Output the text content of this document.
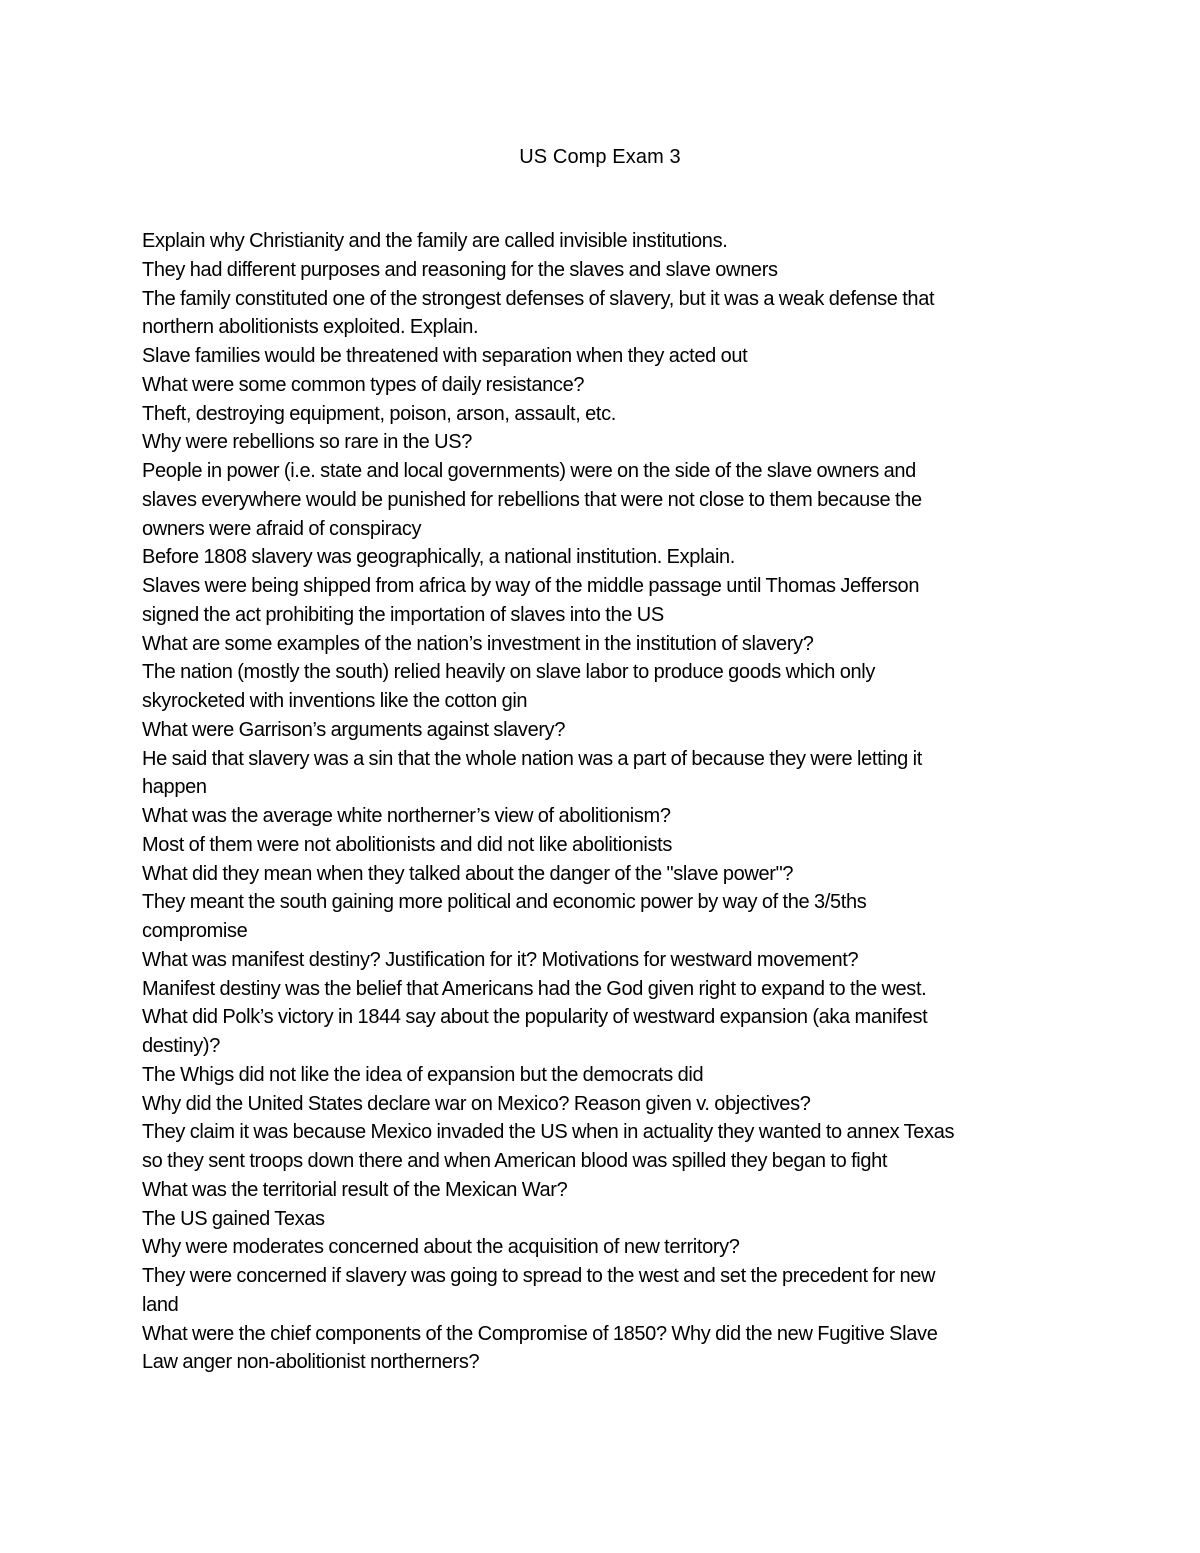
US Comp Exam 3
Explain why Christianity and the family are called invisible institutions.
They had different purposes and reasoning for the slaves and slave owners
The family constituted one of the strongest defenses of slavery, but it was a weak defense that
northern abolitionists exploited. Explain.
Slave families would be threatened with separation when they acted out
What were some common types of daily resistance?
Theft, destroying equipment, poison, arson, assault, etc.
Why were rebellions so rare in the US?
People in power (i.e. state and local governments) were on the side of the slave owners and
slaves everywhere would be punished for rebellions that were not close to them because the
owners were afraid of conspiracy
Before 1808 slavery was geographically, a national institution. Explain.
Slaves were being shipped from africa by way of the middle passage until Thomas Jefferson
signed the act prohibiting the importation of slaves into the US
What are some examples of the nation’s investment in the institution of slavery?
The nation (mostly the south) relied heavily on slave labor to produce goods which only
skyrocketed with inventions like the cotton gin
What were Garrison’s arguments against slavery?
He said that slavery was a sin that the whole nation was a part of because they were letting it
happen
What was the average white northerner’s view of abolitionism?
Most of them were not abolitionists and did not like abolitionists
What did they mean when they talked about the danger of the "slave power"?
They meant the south gaining more political and economic power by way of the 3/5ths
compromise
What was manifest destiny? Justification for it? Motivations for westward movement?
Manifest destiny was the belief that Americans had the God given right to expand to the west.
What did Polk’s victory in 1844 say about the popularity of westward expansion (aka manifest
destiny)?
The Whigs did not like the idea of expansion but the democrats did
Why did the United States declare war on Mexico? Reason given v. objectives?
They claim it was because Mexico invaded the US when in actuality they wanted to annex Texas
so they sent troops down there and when American blood was spilled they began to fight
What was the territorial result of the Mexican War?
The US gained Texas
Why were moderates concerned about the acquisition of new territory?
They were concerned if slavery was going to spread to the west and set the precedent for new
land
What were the chief components of the Compromise of 1850? Why did the new Fugitive Slave
Law anger non-abolitionist northerners?
